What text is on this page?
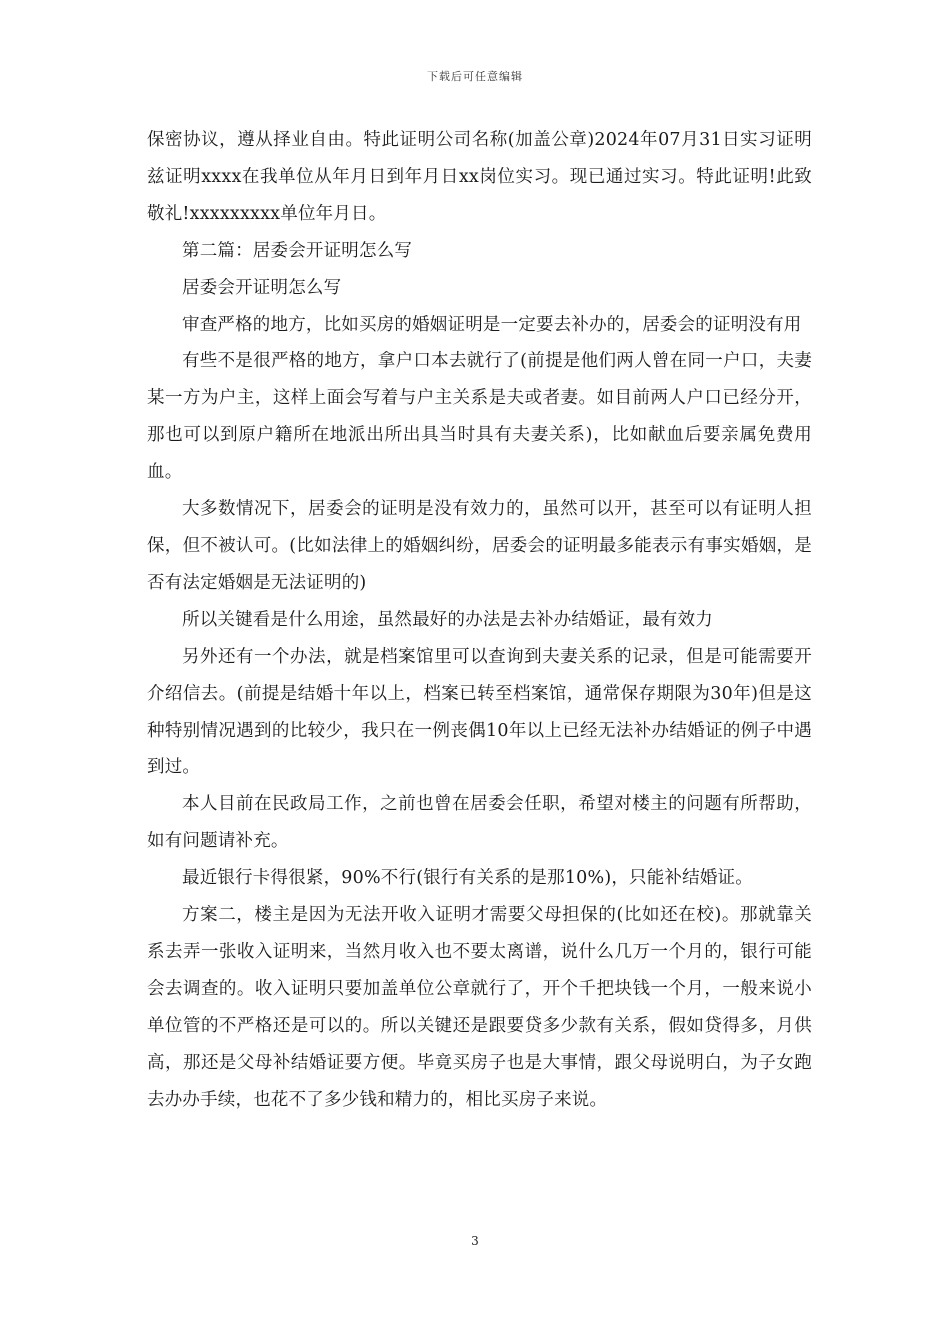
下载后可任意编辑

保密协议，遵从择业自由。特此证明公司名称(加盖公章)2024年07月31日实习证明兹证明xxxx在我单位从年月日到年月日xx岗位实习。现已通过实习。特此证明!此致敬礼!xxxxxxxxx单位年月日。

第二篇：居委会开证明怎么写

居委会开证明怎么写

审查严格的地方，比如买房的婚姻证明是一定要去补办的，居委会的证明没有用

有些不是很严格的地方，拿户口本去就行了(前提是他们两人曾在同一户口，夫妻某一方为户主，这样上面会写着与户主关系是夫或者妻。如目前两人户口已经分开，那也可以到原户籍所在地派出所出具当时具有夫妻关系)，比如献血后要亲属免费用血。

大多数情况下，居委会的证明是没有效力的，虽然可以开，甚至可以有证明人担保，但不被认可。(比如法律上的婚姻纠纷，居委会的证明最多能表示有事实婚姻，是否有法定婚姻是无法证明的)

所以关键看是什么用途，虽然最好的办法是去补办结婚证，最有效力

另外还有一个办法，就是档案馆里可以查询到夫妻关系的记录，但是可能需要开介绍信去。(前提是结婚十年以上，档案已转至档案馆，通常保存期限为30年)但是这种特别情况遇到的比较少，我只在一例丧偶10年以上已经无法补办结婚证的例子中遇到过。

本人目前在民政局工作，之前也曾在居委会任职，希望对楼主的问题有所帮助，如有问题请补充。

最近银行卡得很紧，90%不行(银行有关系的是那10%)，只能补结婚证。

方案二，楼主是因为无法开收入证明才需要父母担保的(比如还在校)。那就靠关系去弄一张收入证明来，当然月收入也不要太离谱，说什么几万一个月的，银行可能会去调查的。收入证明只要加盖单位公章就行了，开个千把块钱一个月，一般来说小单位管的不严格还是可以的。所以关键还是跟要贷多少款有关系，假如贷得多，月供高，那还是父母补结婚证要方便。毕竟买房子也是大事情，跟父母说明白，为子女跑去办办手续，也花不了多少钱和精力的，相比买房子来说。

3
